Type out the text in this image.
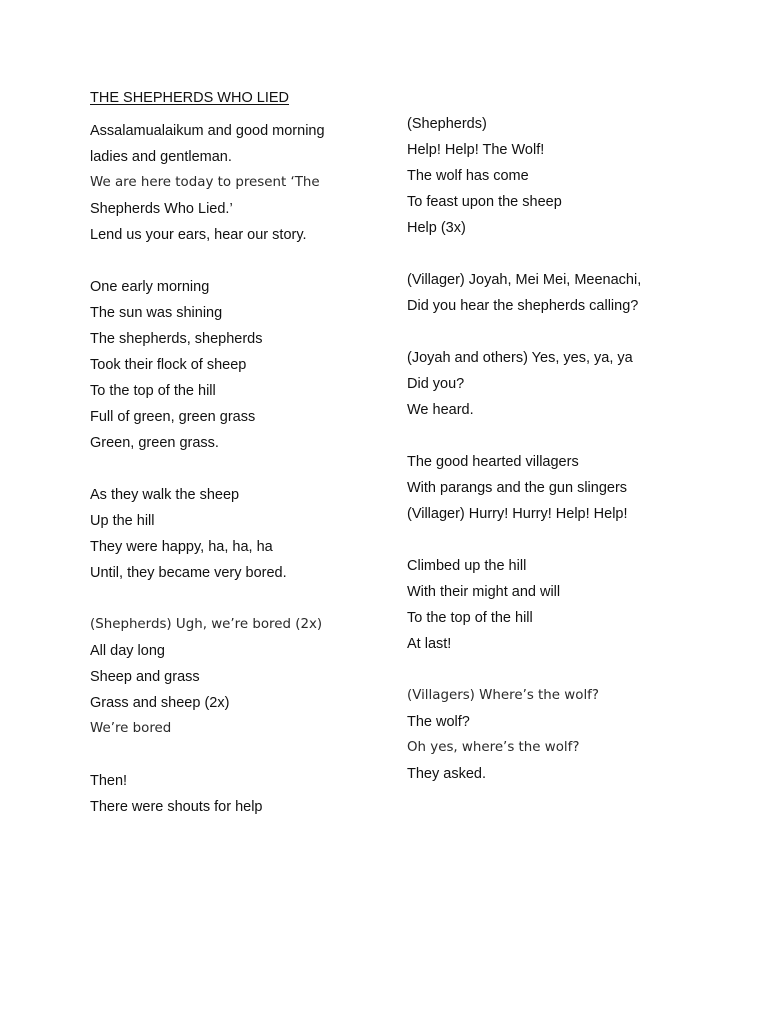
THE SHEPHERDS WHO LIED
Assalamualaikum and good morning
ladies and gentleman.
We are here today to present ‘The
Shepherds Who Lied.’
Lend us your ears, hear our story.
One early morning
The sun was shining
The shepherds, shepherds
Took their flock of sheep
To the top of the hill
Full of green, green grass
Green, green grass.
As they walk the sheep
Up the hill
They were happy, ha, ha, ha
Until, they became very bored.
(Shepherds) Ugh, we’re bored (2x)
All day long
Sheep and grass
Grass and sheep (2x)
We’re bored
Then!
There were shouts for help
(Shepherds)
Help! Help! The Wolf!
The wolf has come
To feast upon the sheep
Help (3x)
(Villager) Joyah, Mei Mei, Meenachi,
Did you hear the shepherds calling?
(Joyah and others) Yes, yes, ya, ya
Did you?
We heard.
The good hearted villagers
With parangs and the gun slingers
(Villager) Hurry! Hurry! Help! Help!
Climbed up the hill
With their might and will
To the top of the hill
At last!
(Villagers) Where’s the wolf?
The wolf?
Oh yes, where’s the wolf?
They asked.
